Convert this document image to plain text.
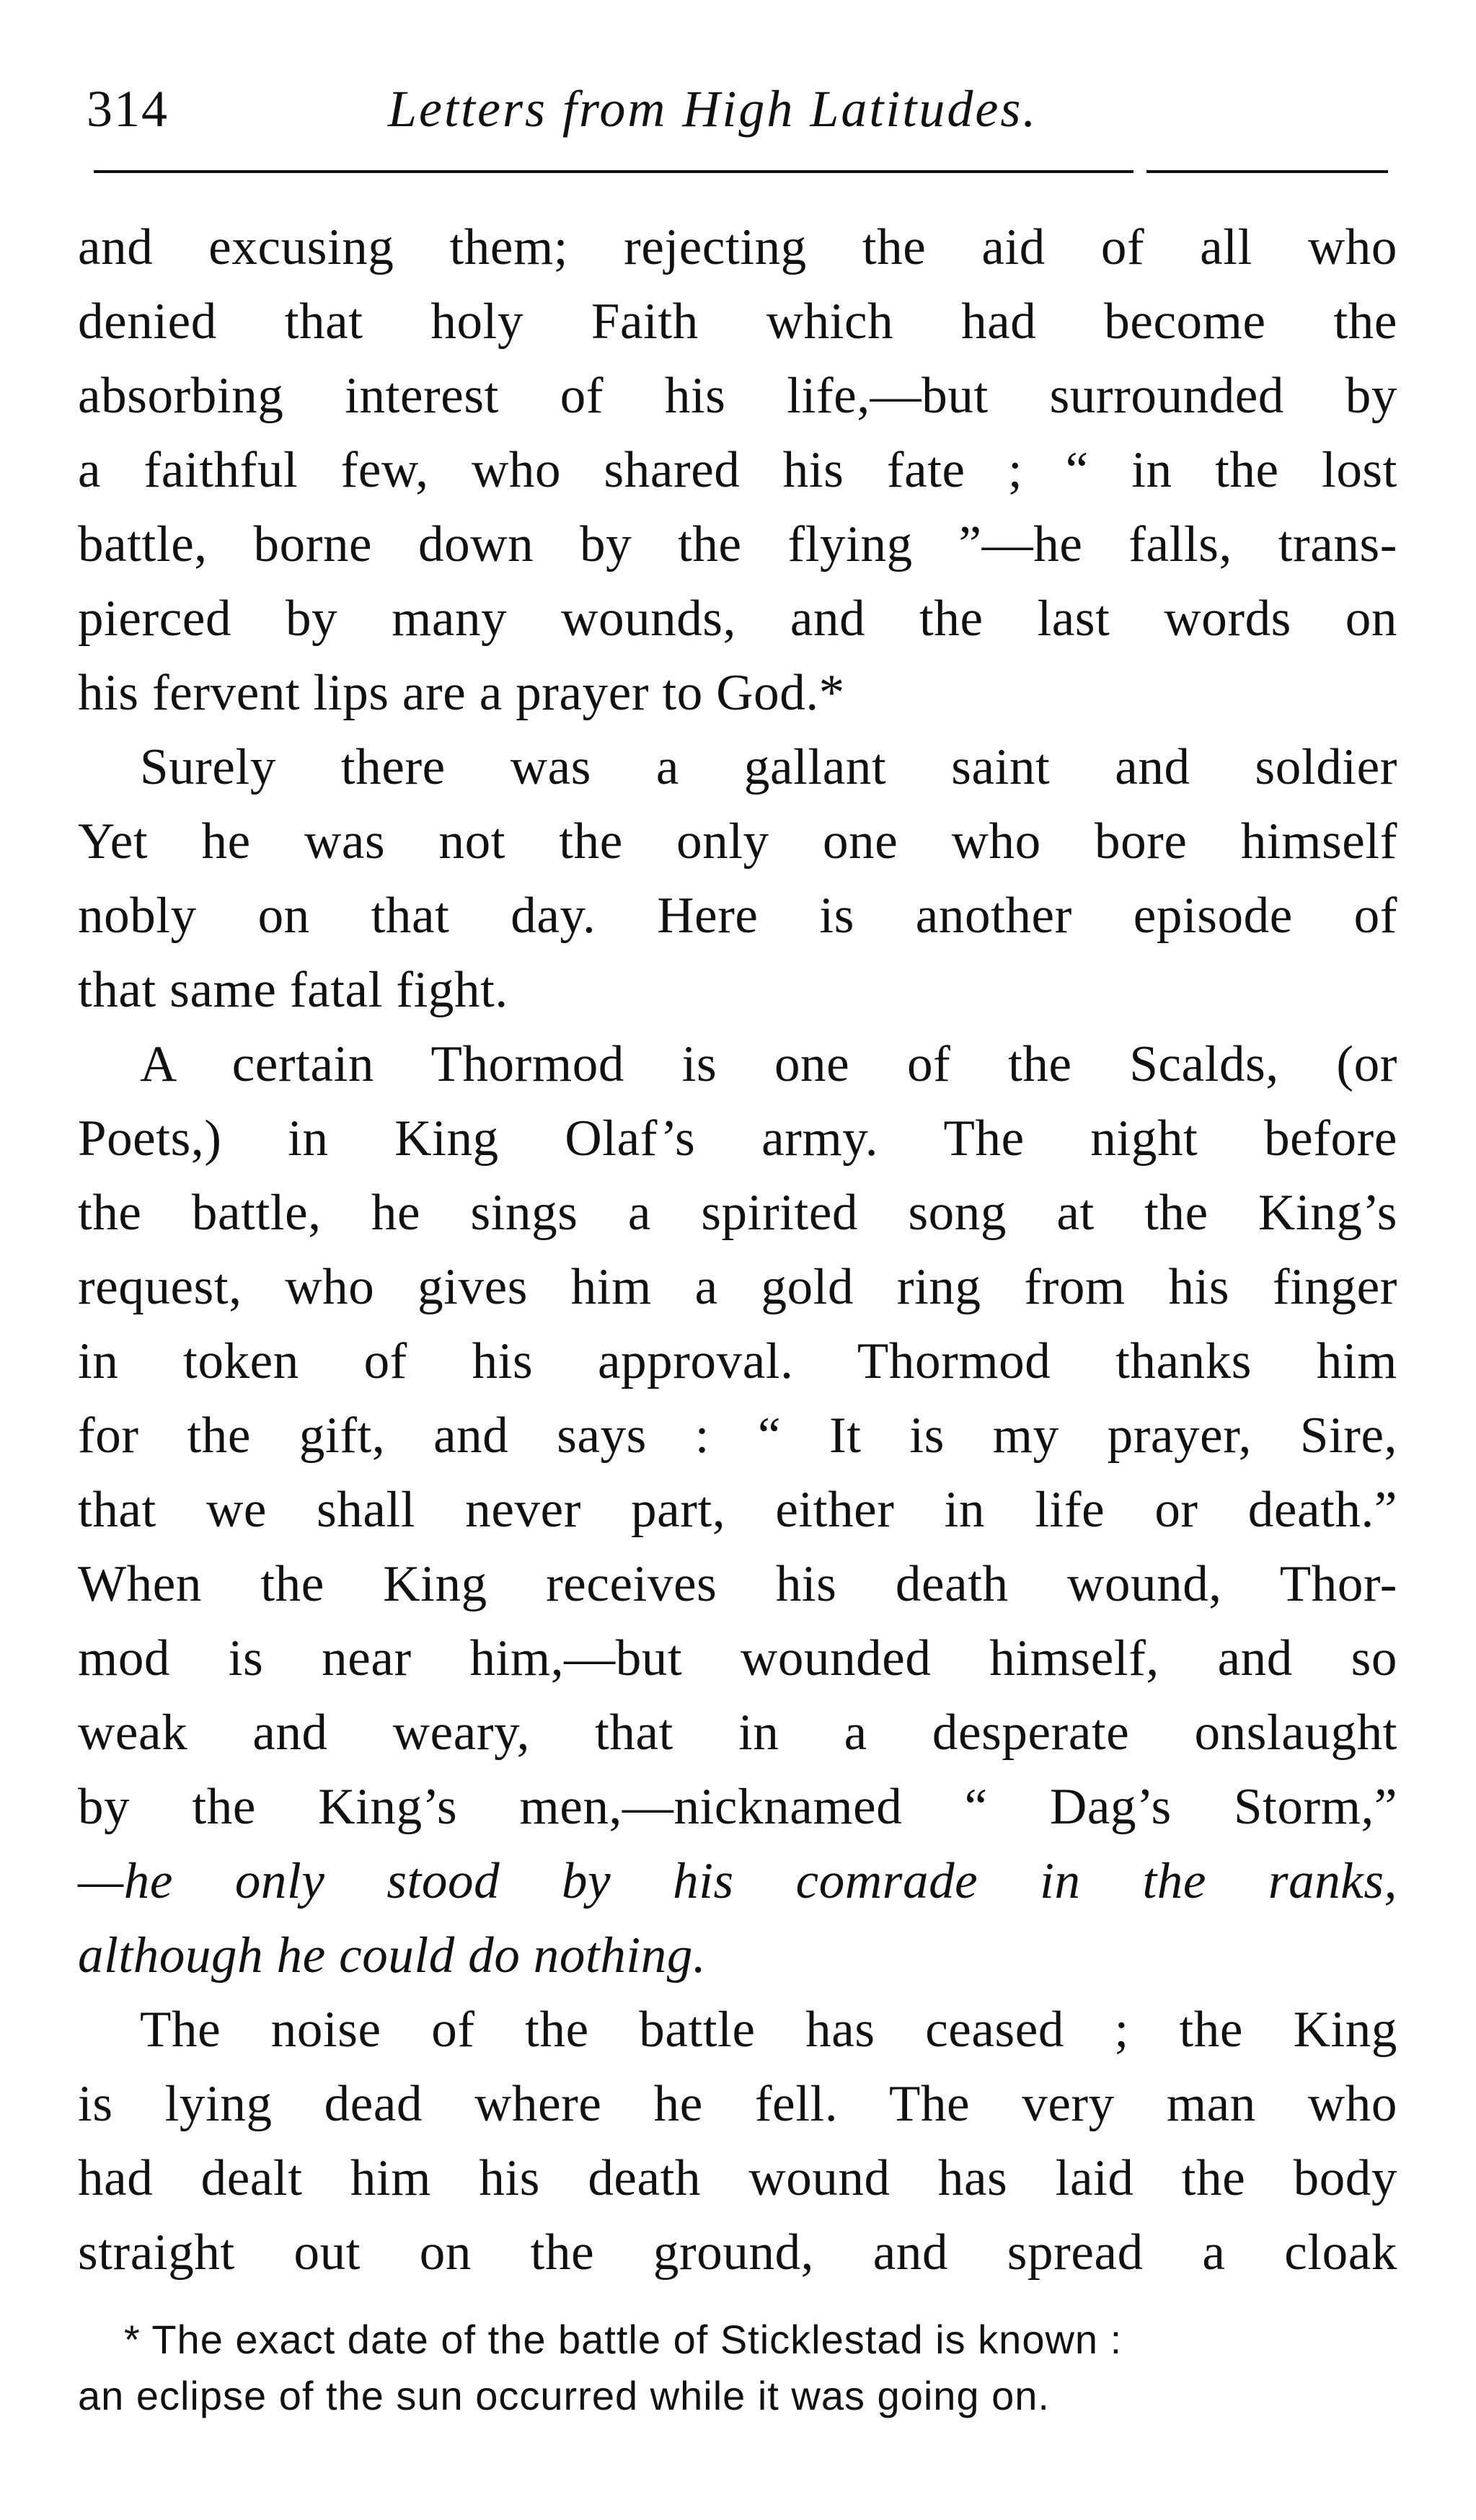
314	Letters from High Latitudes.
and excusing them; rejecting the aid of all who
denied that holy Faith which had become the
absorbing interest of his life,—but surrounded by
a faithful few, who shared his fate ; “ in the lost
battle, borne down by the flying ”—he falls, trans-
pierced by many wounds, and the last words on
his fervent lips are a prayer to God.*
Surely there was a gallant saint and soldier
Yet he was not the only one who bore himself
nobly on that day. Here is another episode of
that same fatal fight.
A certain Thormod is one of the Scalds, (or
Poets,) in King Olaf’s army. The night before
the battle, he sings a spirited song at the King’s
request, who gives him a gold ring from his finger
in token of his approval. Thormod thanks him
for the gift, and says : “ It is my prayer, Sire,
that we shall never part, either in life or death.”
When the King receives his death wound, Thor-
mod is near him,—but wounded himself, and so
weak and weary, that in a desperate onslaught
by the King’s men,—nicknamed “ Dag’s Storm,”
—he only stood by his comrade in the ranks,
although he could do nothing.
The noise of the battle has ceased ; the King
is lying dead where he fell. The very man who
had dealt him his death wound has laid the body
straight out on the ground, and spread a cloak
* The exact date of the battle of Sticklestad is known :
an eclipse of the sun occurred while it was going on.
